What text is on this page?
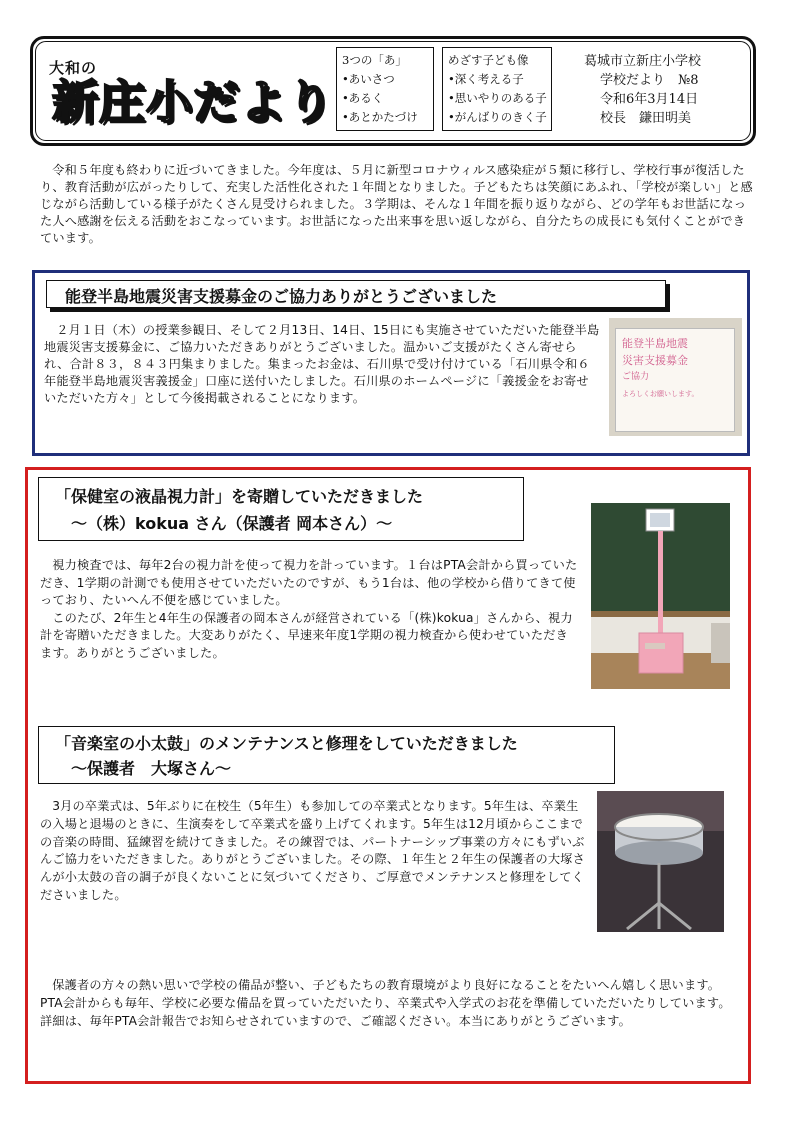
大和の
新庄小だより
3つの「あ」
•あいさつ
•あるく
•あとかたづけ
めざす子ども像
•深く考える子
•思いやりのある子
•がんばりのきく子
葛城市立新庄小学校
学校だより　№8
令和6年3月14日
校長　鎌田明美

令和５年度も終わりに近づいてきました。今年度は、５月に新型コロナウィルス感染症が５類に移行し、学校行事が復活したり、教育活動が広がったりして、充実した活性化された１年間となりました。子どもたちは笑顔にあふれ、「学校が楽しい」と感じながら活動している様子がたくさん見受けられました。３学期は、そんな１年間を振り返りながら、どの学年もお世話になった人へ感謝を伝える活動をおこなっています。お世話になった出来事を思い返しながら、自分たちの成長にも気付くことができています。

能登半島地震災害支援募金のご協力ありがとうございました

２月１日（木）の授業参観日、そして２月13日、14日、15日にも実施させていただいた能登半島地震災害支援募金に、ご協力いただきありがとうございました。温かいご支援がたくさん寄せられ、合計８３，８４３円集まりました。集まったお金は、石川県で受け付けている「石川県令和６年能登半島地震災害義援金」口座に送付いたしました。石川県のホームページに「義援金をお寄せいただいた方々」として今後掲載されることになります。

能登半島地震
災害支援募金
ご協力
よろしくお願いします。
「保健室の液晶視力計」を寄贈していただきました
～（株）kokua さん（保護者 岡本さん）～

視力検査では、毎年2台の視力計を使って視力を計っています。１台はPTA会計から買っていただき、1学期の計測でも使用させていただいたのですが、もう1台は、他の学校から借りてきて使っており、たいへん不便を感じていました。

このたび、2年生と4年生の保護者の岡本さんが経営されている「(株)kokua」さんから、視力計を寄贈いただきました。大変ありがたく、早速来年度1学期の視力検査から使わせていただきます。ありがとうございました。

「音楽室の小太鼓」のメンテナンスと修理をしていただきました
～保護者　大塚さん～

3月の卒業式は、5年ぶりに在校生（5年生）も参加しての卒業式となります。5年生は、卒業生の入場と退場のときに、生演奏をして卒業式を盛り上げてくれます。5年生は12月頃からここまでの音楽の時間、猛練習を続けてきました。その練習では、パートナーシップ事業の方々にもずいぶんご協力をいただきました。ありがとうございました。その際、１年生と２年生の保護者の大塚さんが小太鼓の音の調子が良くないことに気づいてくださり、ご厚意でメンテナンスと修理をしてくださいました。

保護者の方々の熱い思いで学校の備品が整い、子どもたちの教育環境がより良好になることをたいへん嬉しく思います。PTA会計からも毎年、学校に必要な備品を買っていただいたり、卒業式や入学式のお花を準備していただいたりしています。詳細は、毎年PTA会計報告でお知らせされていますので、ご確認ください。本当にありがとうございます。
